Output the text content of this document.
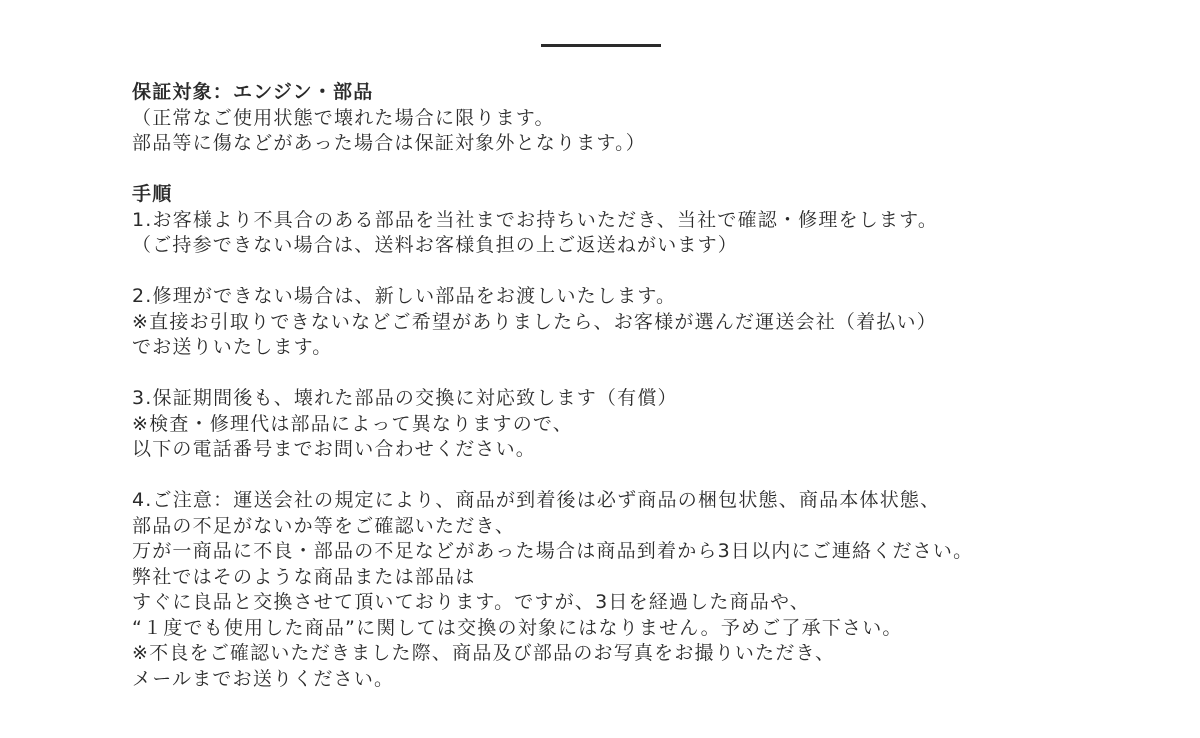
保証対象：エンジン・部品
（正常なご使用状態で壊れた場合に限ります。
部品等に傷などがあった場合は保証対象外となります。）
手順
1.お客様より不具合のある部品を当社までお持ちいただき、当社で確認・修理をします。
（ご持参できない場合は、送料お客様負担の上ご返送ねがいます）
2.修理ができない場合は、新しい部品をお渡しいたします。
※直接お引取りできないなどご希望がありましたら、お客様が選んだ運送会社（着払い）
でお送りいたします。
3.保証期間後も、壊れた部品の交換に対応致します（有償）
※検査・修理代は部品によって異なりますので、
以下の電話番号までお問い合わせください。
4.ご注意：運送会社の規定により、商品が到着後は必ず商品の梱包状態、商品本体状態、
部品の不足がないか等をご確認いただき、
万が一商品に不良・部品の不足などがあった場合は商品到着から3日以内にご連絡ください。
弊社ではそのような商品または部品は
すぐに良品と交換させて頂いております。ですが、3日を経過した商品や、
“１度でも使用した商品”に関しては交換の対象にはなりません。予めご了承下さい。
※不良をご確認いただきました際、商品及び部品のお写真をお撮りいただき、
メールまでお送りください。
